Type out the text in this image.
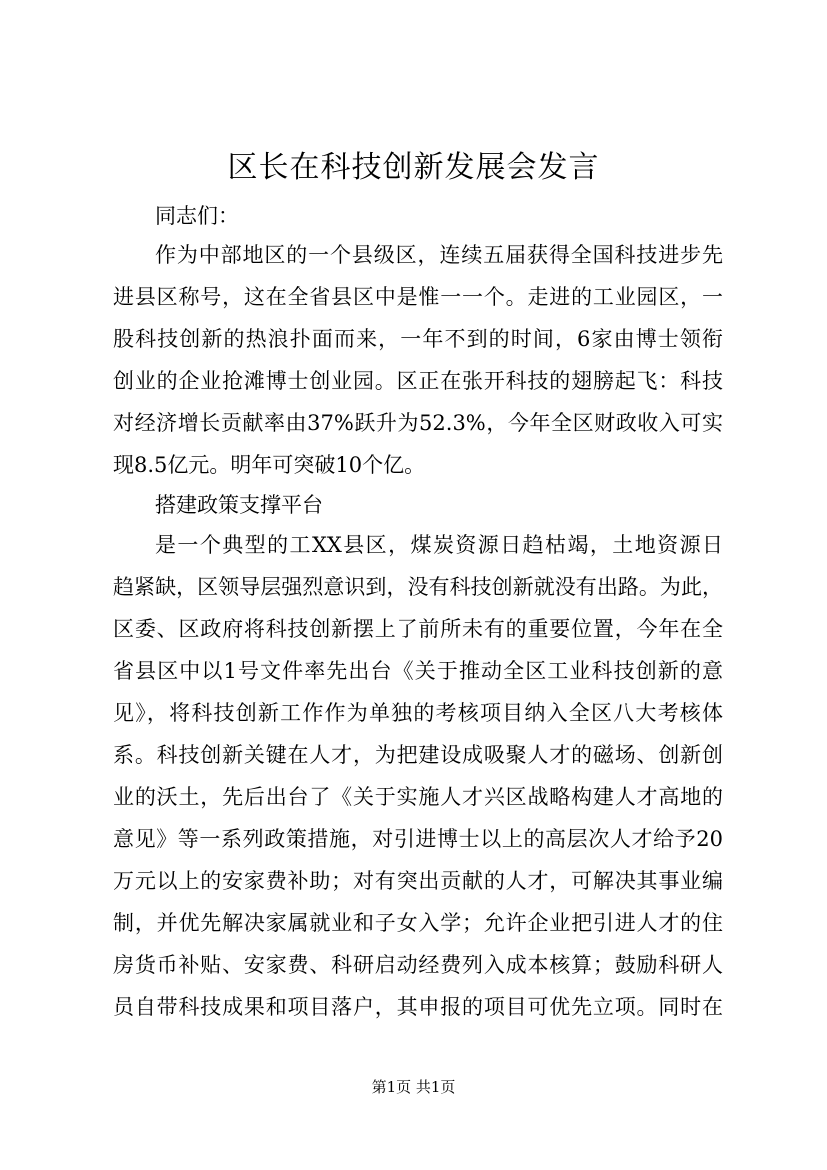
区长在科技创新发展会发言
同志们：
作为中部地区的一个县级区，连续五届获得全国科技进步先
进县区称号，这在全省县区中是惟一一个。走进的工业园区，一
股科技创新的热浪扑面而来，一年不到的时间，6家由博士领衔
创业的企业抢滩博士创业园。区正在张开科技的翅膀起飞：科技
对经济增长贡献率由37%跃升为52.3%，今年全区财政收入可实
现8.5亿元。明年可突破10个亿。
搭建政策支撑平台
是一个典型的工XX县区，煤炭资源日趋枯竭，土地资源日
趋紧缺，区领导层强烈意识到，没有科技创新就没有出路。为此，
区委、区政府将科技创新摆上了前所未有的重要位置，今年在全
省县区中以1号文件率先出台《关于推动全区工业科技创新的意
见》，将科技创新工作作为单独的考核项目纳入全区八大考核体
系。科技创新关键在人才，为把建设成吸聚人才的磁场、创新创
业的沃土，先后出台了《关于实施人才兴区战略构建人才高地的
意见》等一系列政策措施，对引进博士以上的高层次人才给予20
万元以上的安家费补助；对有突出贡献的人才，可解决其事业编
制，并优先解决家属就业和子女入学；允许企业把引进人才的住
房货币补贴、安家费、科研启动经费列入成本核算；鼓励科研人
员自带科技成果和项目落户，其申报的项目可优先立项。同时在
第1页 共1页
